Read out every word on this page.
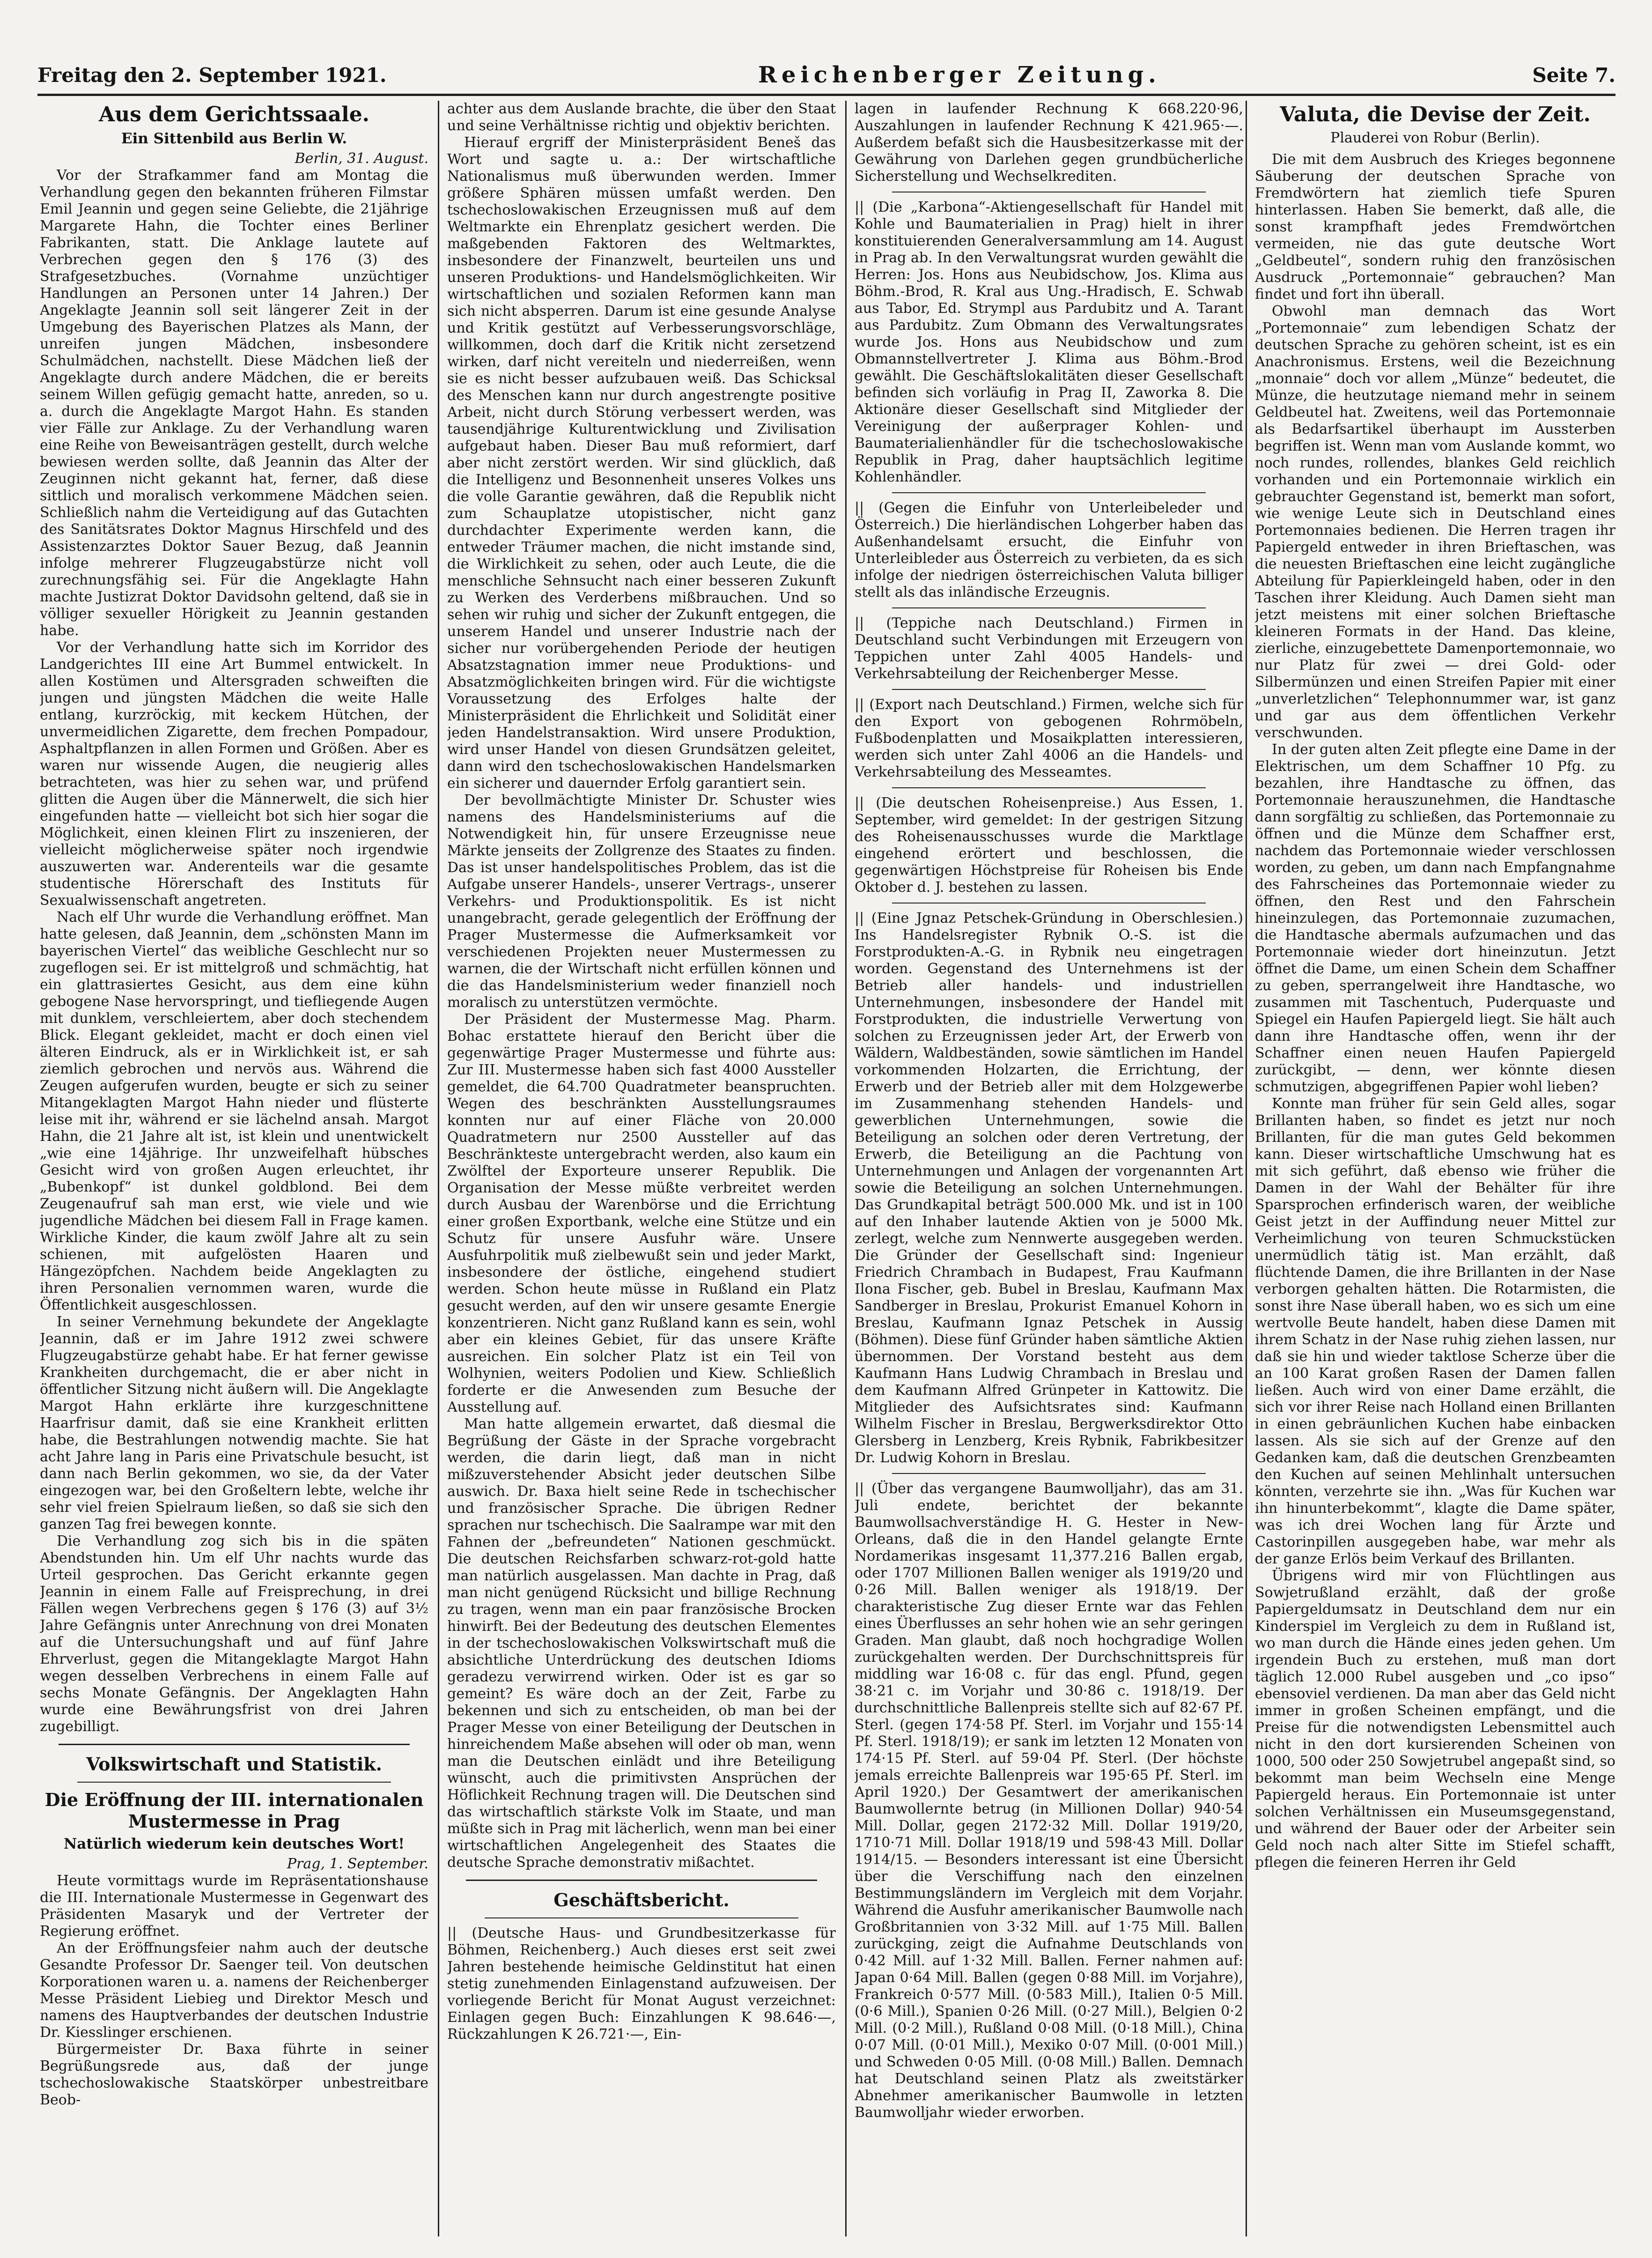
Freitag den 2. September 1921.	Reichenberger Zeitung.	Seite 7.
Aus dem Gerichtssaale.
Ein Sittenbild aus Berlin W.

Berlin, 31. August.

Vor der Strafkammer fand am Montag die Verhandlung gegen den bekannten früheren Filmstar Emil Jeannin und gegen seine Geliebte, die 21jährige Margarete Hahn, die Tochter eines Berliner Fabrikanten, statt. Die Anklage lautete auf Verbrechen gegen den § 176 (3) des Strafgesetzbuches. (Vornahme unzüchtiger Handlungen an Personen unter 14 Jahren.) Der Angeklagte Jeannin soll seit längerer Zeit in der Umgebung des Bayerischen Platzes als Mann, der unreifen jungen Mädchen, insbesondere Schulmädchen, nachstellt. Diese Mädchen ließ der Angeklagte durch andere Mädchen, die er bereits seinem Willen gefügig gemacht hatte, anreden, so u. a. durch die Angeklagte Margot Hahn. Es standen vier Fälle zur Anklage. Zu der Verhandlung waren eine Reihe von Beweisanträgen gestellt, durch welche bewiesen werden sollte, daß Jeannin das Alter der Zeuginnen nicht gekannt hat, ferner, daß diese sittlich und moralisch verkommene Mädchen seien. Schließlich nahm die Verteidigung auf das Gutachten des Sanitätsrates Doktor Magnus Hirschfeld und des Assistenzarztes Doktor Sauer Bezug, daß Jeannin infolge mehrerer Flugzeugabstürze nicht voll zurechnungsfähig sei. Für die Angeklagte Hahn machte Justizrat Doktor Davidsohn geltend, daß sie in völliger sexueller Hörigkeit zu Jeannin gestanden habe.

Vor der Verhandlung hatte sich im Korridor des Landgerichtes III eine Art Bummel entwickelt. In allen Kostümen und Altersgraden schweiften die jungen und jüngsten Mädchen die weite Halle entlang, kurzröckig, mit keckem Hütchen, der unvermeidlichen Zigarette, dem frechen Pompadour, Asphaltpflanzen in allen Formen und Größen. Aber es waren nur wissende Augen, die neugierig alles betrachteten, was hier zu sehen war, und prüfend glitten die Augen über die Männerwelt, die sich hier eingefunden hatte — vielleicht bot sich hier sogar die Möglichkeit, einen kleinen Flirt zu inszenieren, der vielleicht möglicherweise später noch irgendwie auszuwerten war. Anderenteils war die gesamte studentische Hörerschaft des Instituts für Sexualwissenschaft angetreten.

Nach elf Uhr wurde die Verhandlung eröffnet. Man hatte gelesen, daß Jeannin, dem „schönsten Mann im bayerischen Viertel“ das weibliche Geschlecht nur so zugeflogen sei. Er ist mittelgroß und schmächtig, hat ein glattrasiertes Gesicht, aus dem eine kühn gebogene Nase hervorspringt, und tiefliegende Augen mit dunklem, verschleiertem, aber doch stechendem Blick. Elegant gekleidet, macht er doch einen viel älteren Eindruck, als er in Wirklichkeit ist, er sah ziemlich gebrochen und nervös aus. Während die Zeugen aufgerufen wurden, beugte er sich zu seiner Mitangeklagten Margot Hahn nieder und flüsterte leise mit ihr, während er sie lächelnd ansah. Margot Hahn, die 21 Jahre alt ist, ist klein und unentwickelt „wie eine 14jährige. Ihr unzweifelhaft hübsches Gesicht wird von großen Augen erleuchtet, ihr „Bubenkopf“ ist dunkel goldblond. Bei dem Zeugenaufruf sah man erst, wie viele und wie jugendliche Mädchen bei diesem Fall in Frage kamen. Wirkliche Kinder, die kaum zwölf Jahre alt zu sein schienen, mit aufgelösten Haaren und Hängezöpfchen. Nachdem beide Angeklagten zu ihren Personalien vernommen waren, wurde die Öffentlichkeit ausgeschlossen.

In seiner Vernehmung bekundete der Angeklagte Jeannin, daß er im Jahre 1912 zwei schwere Flugzeugabstürze gehabt habe. Er hat ferner gewisse Krankheiten durchgemacht, die er aber nicht in öffentlicher Sitzung nicht äußern will. Die Angeklagte Margot Hahn erklärte ihre kurzgeschnittene Haarfrisur damit, daß sie eine Krankheit erlitten habe, die Bestrahlungen notwendig machte. Sie hat acht Jahre lang in Paris eine Privatschule besucht, ist dann nach Berlin gekommen, wo sie, da der Vater eingezogen war, bei den Großeltern lebte, welche ihr sehr viel freien Spielraum ließen, so daß sie sich den ganzen Tag frei bewegen konnte.

Die Verhandlung zog sich bis in die späten Abendstunden hin. Um elf Uhr nachts wurde das Urteil gesprochen. Das Gericht erkannte gegen Jeannin in einem Falle auf Freisprechung, in drei Fällen wegen Verbrechens gegen § 176 (3) auf 3½ Jahre Gefängnis unter Anrechnung von drei Monaten auf die Untersuchungshaft und auf fünf Jahre Ehrverlust, gegen die Mitangeklagte Margot Hahn wegen desselben Verbrechens in einem Falle auf sechs Monate Gefängnis. Der Angeklagten Hahn wurde eine Bewährungsfrist von drei Jahren zugebilligt.

Volkswirtschaft und Statistik.
Die Eröffnung der III. internationalen Mustermesse in Prag
Natürlich wiederum kein deutsches Wort!

Prag, 1. September.

Heute vormittags wurde im Repräsentationshause die III. Internationale Mustermesse in Gegenwart des Präsidenten Masaryk und der Vertreter der Regierung eröffnet.

An der Eröffnungsfeier nahm auch der deutsche Gesandte Professor Dr. Saenger teil. Von deutschen Korporationen waren u. a. namens der Reichenberger Messe Präsident Liebieg und Direktor Mesch und namens des Hauptverbandes der deutschen Industrie Dr. Kiesslinger erschienen.

Bürgermeister Dr. Baxa führte in seiner Begrüßungsrede aus, daß der junge tschechoslowakische Staatskörper unbestreitbare Beob-

achter aus dem Auslande brachte, die über den Staat und seine Verhältnisse richtig und objektiv berichten.

Hierauf ergriff der Ministerpräsident Beneš das Wort und sagte u. a.: Der wirtschaftliche Nationalismus muß überwunden werden. Immer größere Sphären müssen umfaßt werden. Den tschechoslowakischen Erzeugnissen muß auf dem Weltmarkte ein Ehrenplatz gesichert werden. Die maßgebenden Faktoren des Weltmarktes, insbesondere der Finanzwelt, beurteilen uns und unseren Produktions- und Handelsmöglichkeiten. Wir wirtschaftlichen und sozialen Reformen kann man sich nicht absperren. Darum ist eine gesunde Analyse und Kritik gestützt auf Verbesserungsvorschläge, willkommen, doch darf die Kritik nicht zersetzend wirken, darf nicht vereiteln und niederreißen, wenn sie es nicht besser aufzubauen weiß. Das Schicksal des Menschen kann nur durch angestrengte positive Arbeit, nicht durch Störung verbessert werden, was tausendjährige Kulturentwicklung und Zivilisation aufgebaut haben. Dieser Bau muß reformiert, darf aber nicht zerstört werden. Wir sind glücklich, daß die Intelligenz und Besonnenheit unseres Volkes uns die volle Garantie gewähren, daß die Republik nicht zum Schauplatze utopistischer, nicht ganz durchdachter Experimente werden kann, die entweder Träumer machen, die nicht imstande sind, die Wirklichkeit zu sehen, oder auch Leute, die die menschliche Sehnsucht nach einer besseren Zukunft zu Werken des Verderbens mißbrauchen. Und so sehen wir ruhig und sicher der Zukunft entgegen, die unserem Handel und unserer Industrie nach der sicher nur vorübergehenden Periode der heutigen Absatzstagnation immer neue Produktions- und Absatzmöglichkeiten bringen wird. Für die wichtigste Voraussetzung des Erfolges halte der Ministerpräsident die Ehrlichkeit und Solidität einer jeden Handelstransaktion. Wird unsere Produktion, wird unser Handel von diesen Grundsätzen geleitet, dann wird den tschechoslowakischen Handelsmarken ein sicherer und dauernder Erfolg garantiert sein.

Der bevollmächtigte Minister Dr. Schuster wies namens des Handelsministeriums auf die Notwendigkeit hin, für unsere Erzeugnisse neue Märkte jenseits der Zollgrenze des Staates zu finden. Das ist unser handelspolitisches Problem, das ist die Aufgabe unserer Handels-, unserer Vertrags-, unserer Verkehrs- und Produktionspolitik. Es ist nicht unangebracht, gerade gelegentlich der Eröffnung der Prager Mustermesse die Aufmerksamkeit vor verschiedenen Projekten neuer Mustermessen zu warnen, die der Wirtschaft nicht erfüllen können und die das Handelsministerium weder finanziell noch moralisch zu unterstützen vermöchte.

Der Präsident der Mustermesse Mag. Pharm. Bohac erstattete hierauf den Bericht über die gegenwärtige Prager Mustermesse und führte aus: Zur III. Mustermesse haben sich fast 4000 Aussteller gemeldet, die 64.700 Quadratmeter beanspruchten. Wegen des beschränkten Ausstellungsraumes konnten nur auf einer Fläche von 20.000 Quadratmetern nur 2500 Aussteller auf das Beschränkteste untergebracht werden, also kaum ein Zwölftel der Exporteure unserer Republik. Die Organisation der Messe müßte verbreitet werden durch Ausbau der Warenbörse und die Errichtung einer großen Exportbank, welche eine Stütze und ein Schutz für unsere Ausfuhr wäre. Unsere Ausfuhrpolitik muß zielbewußt sein und jeder Markt, insbesondere der östliche, eingehend studiert werden. Schon heute müsse in Rußland ein Platz gesucht werden, auf den wir unsere gesamte Energie konzentrieren. Nicht ganz Rußland kann es sein, wohl aber ein kleines Gebiet, für das unsere Kräfte ausreichen. Ein solcher Platz ist ein Teil von Wolhynien, weiters Podolien und Kiew. Schließlich forderte er die Anwesenden zum Besuche der Ausstellung auf.

Man hatte allgemein erwartet, daß diesmal die Begrüßung der Gäste in der Sprache vorgebracht werden, die darin liegt, daß man in nicht mißzuverstehender Absicht jeder deutschen Silbe auswich. Dr. Baxa hielt seine Rede in tschechischer und französischer Sprache. Die übrigen Redner sprachen nur tschechisch. Die Saalrampe war mit den Fahnen der „befreundeten“ Nationen geschmückt. Die deutschen Reichsfarben schwarz-rot-gold hatte man natürlich ausgelassen. Man dachte in Prag, daß man nicht genügend Rücksicht und billige Rechnung zu tragen, wenn man ein paar französische Brocken hinwirft. Bei der Bedeutung des deutschen Elementes in der tschechoslowakischen Volkswirtschaft muß die absichtliche Unterdrückung des deutschen Idioms geradezu verwirrend wirken. Oder ist es gar so gemeint? Es wäre doch an der Zeit, Farbe zu bekennen und sich zu entscheiden, ob man bei der Prager Messe von einer Beteiligung der Deutschen in hinreichendem Maße absehen will oder ob man, wenn man die Deutschen einlädt und ihre Beteiligung wünscht, auch die primitivsten Ansprüchen der Höflichkeit Rechnung tragen will. Die Deutschen sind das wirtschaftlich stärkste Volk im Staate, und man müßte sich in Prag mit lächerlich, wenn man bei einer wirtschaftlichen Angelegenheit des Staates die deutsche Sprache demonstrativ mißachtet.

Geschäftsbericht.

|| (Deutsche Haus- und Grundbesitzerkasse für Böhmen, Reichenberg.) Auch dieses erst seit zwei Jahren bestehende heimische Geldinstitut hat einen stetig zunehmenden Einlagenstand aufzuweisen. Der vorliegende Bericht für Monat August verzeichnet: Einlagen gegen Buch: Einzahlungen K 98.646·—, Rückzahlungen K 26.721·—, Ein-

lagen in laufender Rechnung K 668.220·96, Auszahlungen in laufender Rechnung K 421.965·—. Außerdem befaßt sich die Hausbesitzerkasse mit der Gewährung von Darlehen gegen grundbücherliche Sicherstellung und Wechselkrediten.

|| (Die „Karbona“-Aktiengesellschaft für Handel mit Kohle und Baumaterialien in Prag) hielt in ihrer konstituierenden Generalversammlung am 14. August in Prag ab. In den Verwaltungsrat wurden gewählt die Herren: Jos. Hons aus Neubidschow, Jos. Klima aus Böhm.-Brod, R. Kral aus Ung.-Hradisch, E. Schwab aus Tabor, Ed. Strympl aus Pardubitz und A. Tarant aus Pardubitz. Zum Obmann des Verwaltungsrates wurde Jos. Hons aus Neubidschow und zum Obmannstellvertreter J. Klima aus Böhm.-Brod gewählt. Die Geschäftslokalitäten dieser Gesellschaft befinden sich vorläufig in Prag II, Zaworka 8. Die Aktionäre dieser Gesellschaft sind Mitglieder der Vereinigung der außerprager Kohlen- und Baumaterialienhändler für die tschechoslowakische Republik in Prag, daher hauptsächlich legitime Kohlenhändler.

|| (Gegen die Einfuhr von Unterleibeleder und Österreich.) Die hierländischen Lohgerber haben das Außenhandelsamt ersucht, die Einfuhr von Unterleibleder aus Österreich zu verbieten, da es sich infolge der niedrigen österreichischen Valuta billiger stellt als das inländische Erzeugnis.

|| (Teppiche nach Deutschland.) Firmen in Deutschland sucht Verbindungen mit Erzeugern von Teppichen unter Zahl 4005 Handels- und Verkehrsabteilung der Reichenberger Messe.

|| (Export nach Deutschland.) Firmen, welche sich für den Export von gebogenen Rohrmöbeln, Fußbodenplatten und Mosaikplatten interessieren, werden sich unter Zahl 4006 an die Handels- und Verkehrsabteilung des Messeamtes.

|| (Die deutschen Roheisenpreise.) Aus Essen, 1. September, wird gemeldet: In der gestrigen Sitzung des Roheisenausschusses wurde die Marktlage eingehend erörtert und beschlossen, die gegenwärtigen Höchstpreise für Roheisen bis Ende Oktober d. J. bestehen zu lassen.

|| (Eine Jgnaz Petschek-Gründung in Oberschlesien.) Ins Handelsregister Rybnik O.-S. ist die Forstprodukten-A.-G. in Rybnik neu eingetragen worden. Gegenstand des Unternehmens ist der Betrieb aller handels- und industriellen Unternehmungen, insbesondere der Handel mit Forstprodukten, die industrielle Verwertung von solchen zu Erzeugnissen jeder Art, der Erwerb von Wäldern, Waldbeständen, sowie sämtlichen im Handel vorkommenden Holzarten, die Errichtung, der Erwerb und der Betrieb aller mit dem Holzgewerbe im Zusammenhang stehenden Handels- und gewerblichen Unternehmungen, sowie die Beteiligung an solchen oder deren Vertretung, der Erwerb, die Beteiligung an die Pachtung von Unternehmungen und Anlagen der vorgenannten Art sowie die Beteiligung an solchen Unternehmungen. Das Grundkapital beträgt 500.000 Mk. und ist in 100 auf den Inhaber lautende Aktien von je 5000 Mk. zerlegt, welche zum Nennwerte ausgegeben werden. Die Gründer der Gesellschaft sind: Ingenieur Friedrich Chrambach in Budapest, Frau Kaufmann Ilona Fischer, geb. Bubel in Breslau, Kaufmann Max Sandberger in Breslau, Prokurist Emanuel Kohorn in Breslau, Kaufmann Ignaz Petschek in Aussig (Böhmen). Diese fünf Gründer haben sämtliche Aktien übernommen. Der Vorstand besteht aus dem Kaufmann Hans Ludwig Chrambach in Breslau und dem Kaufmann Alfred Grünpeter in Kattowitz. Die Mitglieder des Aufsichtsrates sind: Kaufmann Wilhelm Fischer in Breslau, Bergwerksdirektor Otto Glersberg in Lenzberg, Kreis Rybnik, Fabrikbesitzer Dr. Ludwig Kohorn in Breslau.

|| (Über das vergangene Baumwolljahr), das am 31. Juli endete, berichtet der bekannte Baumwollsachverständige H. G. Hester in New-Orleans, daß die in den Handel gelangte Ernte Nordamerikas insgesamt 11,377.216 Ballen ergab, oder 1707 Millionen Ballen weniger als 1919/20 und 0·26 Mill. Ballen weniger als 1918/19. Der charakteristische Zug dieser Ernte war das Fehlen eines Überflusses an sehr hohen wie an sehr geringen Graden. Man glaubt, daß noch hochgradige Wollen zurückgehalten werden. Der Durchschnittspreis für middling war 16·08 c. für das engl. Pfund, gegen 38·21 c. im Vorjahr und 30·86 c. 1918/19. Der durchschnittliche Ballenpreis stellte sich auf 82·67 Pf. Sterl. (gegen 174·58 Pf. Sterl. im Vorjahr und 155·14 Pf. Sterl. 1918/19); er sank im letzten 12 Monaten von 174·15 Pf. Sterl. auf 59·04 Pf. Sterl. (Der höchste jemals erreichte Ballenpreis war 195·65 Pf. Sterl. im April 1920.) Der Gesamtwert der amerikanischen Baumwollernte betrug (in Millionen Dollar) 940·54 Mill. Dollar, gegen 2172·32 Mill. Dollar 1919/20, 1710·71 Mill. Dollar 1918/19 und 598·43 Mill. Dollar 1914/15. — Besonders interessant ist eine Übersicht über die Verschiffung nach den einzelnen Bestimmungsländern im Vergleich mit dem Vorjahr. Während die Ausfuhr amerikanischer Baumwolle nach Großbritannien von 3·32 Mill. auf 1·75 Mill. Ballen zurückging, zeigt die Aufnahme Deutschlands von 0·42 Mill. auf 1·32 Mill. Ballen. Ferner nahmen auf: Japan 0·64 Mill. Ballen (gegen 0·88 Mill. im Vorjahre), Frankreich 0·577 Mill. (0·583 Mill.), Italien 0·5 Mill. (0·6 Mill.), Spanien 0·26 Mill. (0·27 Mill.), Belgien 0·2 Mill. (0·2 Mill.), Rußland 0·08 Mill. (0·18 Mill.), China 0·07 Mill. (0·01 Mill.), Mexiko 0·07 Mill. (0·001 Mill.) und Schweden 0·05 Mill. (0·08 Mill.) Ballen. Demnach hat Deutschland seinen Platz als zweitstärker Abnehmer amerikanischer Baumwolle in letzten Baumwolljahr wieder erworben.

Valuta, die Devise der Zeit.
Plauderei von Robur (Berlin).

Die mit dem Ausbruch des Krieges begonnene Säuberung der deutschen Sprache von Fremdwörtern hat ziemlich tiefe Spuren hinterlassen. Haben Sie bemerkt, daß alle, die sonst krampfhaft jedes Fremdwörtchen vermeiden, nie das gute deutsche Wort „Geldbeutel“, sondern ruhig den französischen Ausdruck „Portemonnaie“ gebrauchen? Man findet und fort ihn überall.

Obwohl man demnach das Wort „Portemonnaie“ zum lebendigen Schatz der deutschen Sprache zu gehören scheint, ist es ein Anachronismus. Erstens, weil die Bezeichnung „monnaie“ doch vor allem „Münze“ bedeutet, die Münze, die heutzutage niemand mehr in seinem Geldbeutel hat. Zweitens, weil das Portemonnaie als Bedarfsartikel überhaupt im Aussterben begriffen ist. Wenn man vom Auslande kommt, wo noch rundes, rollendes, blankes Geld reichlich vorhanden und ein Portemonnaie wirklich ein gebrauchter Gegenstand ist, bemerkt man sofort, wie wenige Leute sich in Deutschland eines Portemonnaies bedienen. Die Herren tragen ihr Papiergeld entweder in ihren Brieftaschen, was die neuesten Brieftaschen eine leicht zugängliche Abteilung für Papierkleingeld haben, oder in den Taschen ihrer Kleidung. Auch Damen sieht man jetzt meistens mit einer solchen Brieftasche kleineren Formats in der Hand. Das kleine, zierliche, einzugebettete Damenportemonnaie, wo nur Platz für zwei — drei Gold- oder Silbermünzen und einen Streifen Papier mit einer „unverletzlichen“ Telephonnummer war, ist ganz und gar aus dem öffentlichen Verkehr verschwunden.

In der guten alten Zeit pflegte eine Dame in der Elektrischen, um dem Schaffner 10 Pfg. zu bezahlen, ihre Handtasche zu öffnen, das Portemonnaie herauszunehmen, die Handtasche dann sorgfältig zu schließen, das Portemonnaie zu öffnen und die Münze dem Schaffner erst, nachdem das Portemonnaie wieder verschlossen worden, zu geben, um dann nach Empfangnahme des Fahrscheines das Portemonnaie wieder zu öffnen, den Rest und den Fahrschein hineinzulegen, das Portemonnaie zuzumachen, die Handtasche abermals aufzumachen und das Portemonnaie wieder dort hineinzutun. Jetzt öffnet die Dame, um einen Schein dem Schaffner zu geben, sperrangelweit ihre Handtasche, wo zusammen mit Taschentuch, Puderquaste und Spiegel ein Haufen Papiergeld liegt. Sie hält auch dann ihre Handtasche offen, wenn ihr der Schaffner einen neuen Haufen Papiergeld zurückgibt, — denn, wer könnte diesen schmutzigen, abgegriffenen Papier wohl lieben?

Konnte man früher für sein Geld alles, sogar Brillanten haben, so findet es jetzt nur noch Brillanten, für die man gutes Geld bekommen kann. Dieser wirtschaftliche Umschwung hat es mit sich geführt, daß ebenso wie früher die Damen in der Wahl der Behälter für ihre Sparsprochen erfinderisch waren, der weibliche Geist jetzt in der Auffindung neuer Mittel zur Verheimlichung von teuren Schmuckstücken unermüdlich tätig ist. Man erzählt, daß flüchtende Damen, die ihre Brillanten in der Nase verborgen gehalten hätten. Die Rotarmisten, die sonst ihre Nase überall haben, wo es sich um eine wertvolle Beute handelt, haben diese Damen mit ihrem Schatz in der Nase ruhig ziehen lassen, nur daß sie hin und wieder taktlose Scherze über die an 100 Karat großen Rasen der Damen fallen ließen. Auch wird von einer Dame erzählt, die sich vor ihrer Reise nach Holland einen Brillanten in einen gebräunlichen Kuchen habe einbacken lassen. Als sie sich auf der Grenze auf den Gedanken kam, daß die deutschen Grenzbeamten den Kuchen auf seinen Mehlinhalt untersuchen könnten, verzehrte sie ihn. „Was für Kuchen war ihn hinunterbekommt“, klagte die Dame später, was ich drei Wochen lang für Ärzte und Castorinpillen ausgegeben habe, war mehr als der ganze Erlös beim Verkauf des Brillanten.

Übrigens wird mir von Flüchtlingen aus Sowjetrußland erzählt, daß der große Papiergeldumsatz in Deutschland dem nur ein Kinderspiel im Vergleich zu dem in Rußland ist, wo man durch die Hände eines jeden gehen. Um irgendein Buch zu erstehen, muß man dort täglich 12.000 Rubel ausgeben und „co ipso“ ebensoviel verdienen. Da man aber das Geld nicht immer in großen Scheinen empfängt, und die Preise für die notwendigsten Lebensmittel auch nicht in den dort kursierenden Scheinen von 1000, 500 oder 250 Sowjetrubel angepaßt sind, so bekommt man beim Wechseln eine Menge Papiergeld heraus. Ein Portemonnaie ist unter solchen Verhältnissen ein Museumsgegenstand, und während der Bauer oder der Arbeiter sein Geld noch nach alter Sitte im Stiefel schafft, pflegen die feineren Herren ihr Geld
